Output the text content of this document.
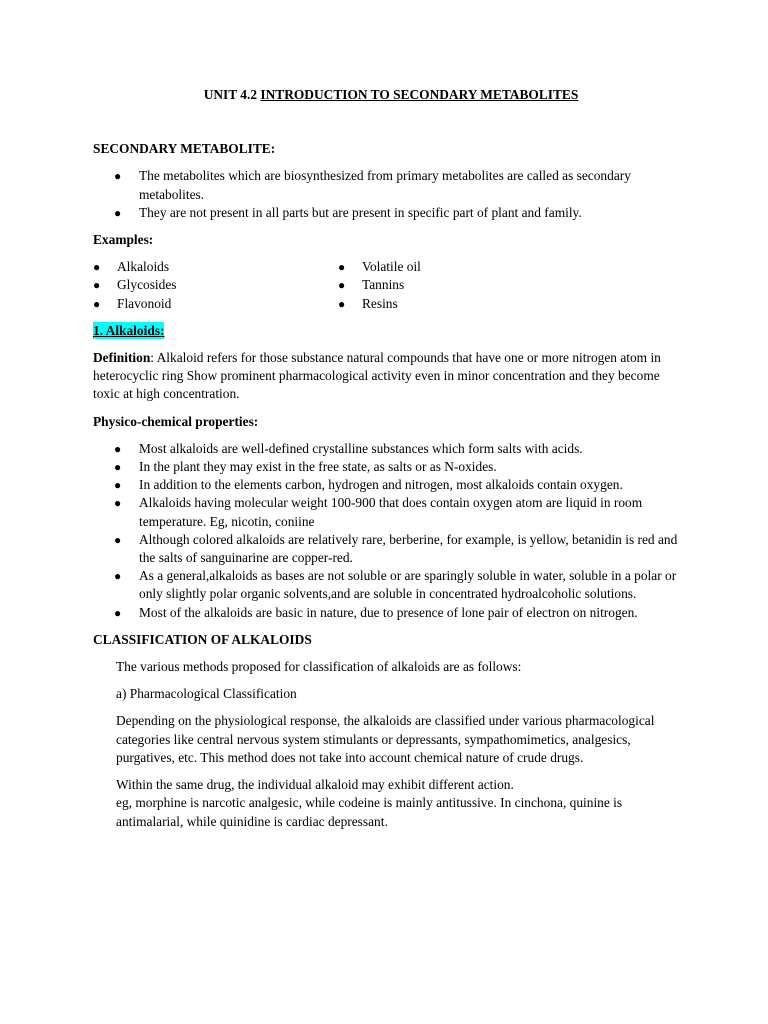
UNIT 4.2 INTRODUCTION TO SECONDARY METABOLITES
SECONDARY METABOLITE:
● The metabolites which are biosynthesized from primary metabolites are called as secondary metabolites.
● They are not present in all parts but are present in specific part of plant and family.
Examples:
● Alkaloids
● Glycosides
● Flavonoid
● Volatile oil
● Tannins
● Resins

1. Alkaloids:

Definition: Alkaloid refers for those substance natural compounds that have one or more nitrogen atom in heterocyclic ring Show prominent pharmacological activity even in minor concentration and they become toxic at high concentration.

Physico-chemical properties:
● Most alkaloids are well-defined crystalline substances which form salts with acids.
● In the plant they may exist in the free state, as salts or as N-oxides.
● In addition to the elements carbon, hydrogen and nitrogen, most alkaloids contain oxygen.
● Alkaloids having molecular weight 100-900 that does contain oxygen atom are liquid in room temperature. Eg, nicotin, coniine
● Although colored alkaloids are relatively rare, berberine, for example, is yellow, betanidin is red and the salts of sanguinarine are copper-red.
● As a general,alkaloids as bases are not soluble or are sparingly soluble in water, soluble in a polar or only slightly polar organic solvents,and are soluble in concentrated hydroalcoholic solutions.
● Most of the alkaloids are basic in nature, due to presence of lone pair of electron on nitrogen.
CLASSIFICATION OF ALKALOIDS

The various methods proposed for classification of alkaloids are as follows:

a) Pharmacological Classification

Depending on the physiological response, the alkaloids are classified under various pharmacological categories like central nervous system stimulants or depressants, sympathomimetics, analgesics, purgatives, etc. This method does not take into account chemical nature of crude drugs.

Within the same drug, the individual alkaloid may exhibit different action.
eg, morphine is narcotic analgesic, while codeine is mainly antitussive. In cinchona, quinine is antimalarial, while quinidine is cardiac depressant.
